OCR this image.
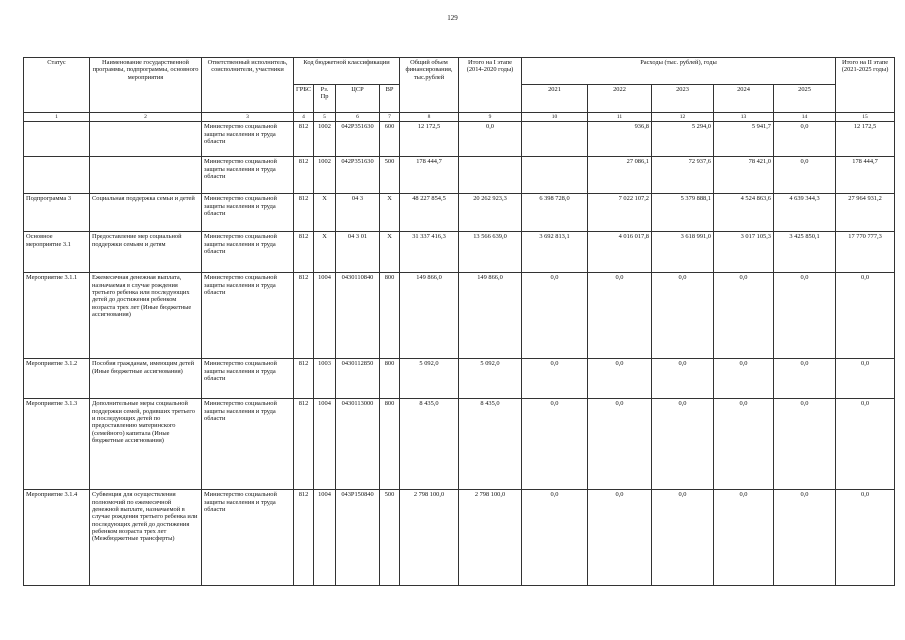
129
Статус	Наименование государственной программы, подпрограммы, основного мероприятия	Ответственный исполнитель, соисполнители, участники	Код бюджетной классификации				Общий объем финансирования, тыс.рублей	Итого на I этапе (2014-2020 годы)	Расходы (тыс. рублей), годы					Итого на II этапе (2021-2025 годы)
			ГРБС	Рз. Пр	ЦСР	ВР			2021	2022	2023	2024	2025	
1	2	3	4	5	6	7	8	9	10	11	12	13	14	15
		Министерство социальной защиты населения и труда области	812	1002	042P351630	600	12 172,5	0,0		936,8	5 294,0	5 941,7	0,0	12 172,5
		Министерство социальной защиты населения и труда области	812	1002	042P351630	500	178 444,7			27 086,1	72 937,6	78 421,0	0,0	178 444,7
Подпрограмма 3	Социальная поддержка семьи и детей	Министерство социальной защиты населения и труда области	812	X	04 3	X	48 227 854,5	20 262 923,3	6 398 728,0	7 022 107,2	5 379 888,1	4 524 863,6	4 639 344,3	27 964 931,2
Основное мероприятие 3.1	Предоставление мер социальной поддержки семьям и детям	Министерство социальной защиты населения и труда области	812	X	04 3 01	X	31 337 416,3	13 566 639,0	3 692 813,1	4 016 017,8	3 618 991,0	3 017 105,3	3 425 850,1	17 770 777,3
Мероприятие 3.1.1	Ежемесячная денежная выплата, назначаемая в случае рождения третьего ребенка или последующих детей до достижения ребенком возраста трех лет (Иные бюджетные ассигнования)	Министерство социальной защиты населения и труда области	812	1004	0430110840	800	149 866,0	149 866,0	0,0	0,0	0,0	0,0	0,0	0,0
Мероприятие 3.1.2	Пособия гражданам, имеющим детей (Иные бюджетные ассигнования)	Министерство социальной защиты населения и труда области	812	1003	0430112850	800	5 092,0	5 092,0	0,0	0,0	0,0	0,0	0,0	0,0
Мероприятие 3.1.3	Дополнительные меры социальной поддержки семей, родивших третьего и последующих детей по предоставлению материнского (семейного) капитала (Иные бюджетные ассигнования)	Министерство социальной защиты населения и труда области	812	1004	0430113000	800	8 435,0	8 435,0	0,0	0,0	0,0	0,0	0,0	0,0
Мероприятие 3.1.4	Субвенция для осуществления полномочий по ежемесячной денежной выплате, назначаемой в случае рождения третьего ребенка или последующих детей до достижения ребенком возраста трех лет (Межбюджетные трансферты)	Министерство социальной защиты населения и труда области	812	1004	043P150840	500	2 798 100,0	2 798 100,0	0,0	0,0	0,0	0,0	0,0	0,0
